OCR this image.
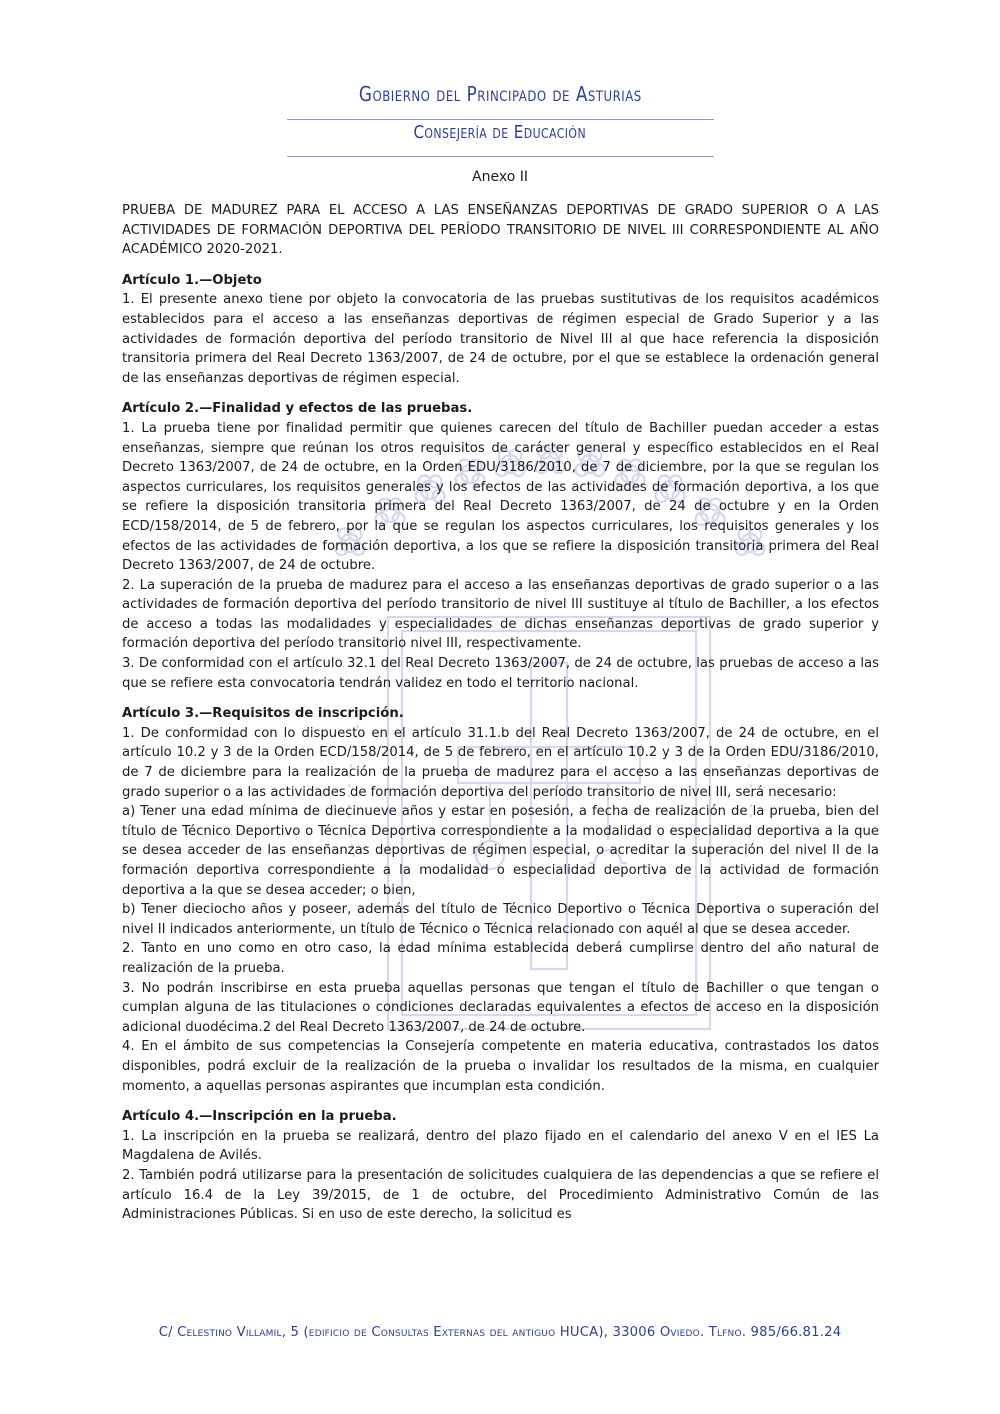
Gobierno del Principado de Asturias
Consejería de Educación
Anexo II

PRUEBA DE MADUREZ PARA EL ACCESO A LAS ENSEÑANZAS DEPORTIVAS DE GRADO SUPERIOR O A LAS ACTIVIDADES DE FORMACIÓN DEPORTIVA DEL PERÍODO TRANSITORIO DE NIVEL III CORRESPONDIENTE AL AÑO ACADÉMICO 2020-2021.

Artículo 1.—Objeto

1. El presente anexo tiene por objeto la convocatoria de las pruebas sustitutivas de los requisitos académicos establecidos para el acceso a las enseñanzas deportivas de régimen especial de Grado Superior y a las actividades de formación deportiva del período transitorio de Nivel III al que hace referencia la disposición transitoria primera del Real Decreto 1363/2007, de 24 de octubre, por el que se establece la ordenación general de las enseñanzas deportivas de régimen especial.

Artículo 2.—Finalidad y efectos de las pruebas.

1. La prueba tiene por finalidad permitir que quienes carecen del título de Bachiller puedan acceder a estas enseñanzas, siempre que reúnan los otros requisitos de carácter general y específico establecidos en el Real Decreto 1363/2007, de 24 de octubre, en la Orden EDU/3186/2010, de 7 de diciembre, por la que se regulan los aspectos curriculares, los requisitos generales y los efectos de las actividades de formación deportiva, a los que se refiere la disposición transitoria primera del Real Decreto 1363/2007, de 24 de octubre y en la Orden ECD/158/2014, de 5 de febrero, por la que se regulan los aspectos curriculares, los requisitos generales y los efectos de las actividades de formación deportiva, a los que se refiere la disposición transitoria primera del Real Decreto 1363/2007, de 24 de octubre.

2. La superación de la prueba de madurez para el acceso a las enseñanzas deportivas de grado superior o a las actividades de formación deportiva del período transitorio de nivel III sustituye al título de Bachiller, a los efectos de acceso a todas las modalidades y especialidades de dichas enseñanzas deportivas de grado superior y formación deportiva del período transitorio nivel III, respectivamente.

3. De conformidad con el artículo 32.1 del Real Decreto 1363/2007, de 24 de octubre, las pruebas de acceso a las que se refiere esta convocatoria tendrán validez en todo el territorio nacional.

Artículo 3.—Requisitos de inscripción.

1. De conformidad con lo dispuesto en el artículo 31.1.b del Real Decreto 1363/2007, de 24 de octubre, en el artículo 10.2 y 3 de la Orden ECD/158/2014, de 5 de febrero, en el artículo 10.2 y 3 de la Orden EDU/3186/2010, de 7 de diciembre para la realización de la prueba de madurez para el acceso a las enseñanzas deportivas de grado superior o a las actividades de formación deportiva del período transitorio de nivel III, será necesario:

a) Tener una edad mínima de diecinueve años y estar en posesión, a fecha de realización de la prueba, bien del título de Técnico Deportivo o Técnica Deportiva correspondiente a la modalidad o especialidad deportiva a la que se desea acceder de las enseñanzas deportivas de régimen especial, o acreditar la superación del nivel II de la formación deportiva correspondiente a la modalidad o especialidad deportiva de la actividad de formación deportiva a la que se desea acceder; o bien,

b) Tener dieciocho años y poseer, además del título de Técnico Deportivo o Técnica Deportiva o superación del nivel II indicados anteriormente, un título de Técnico o Técnica relacionado con aquél al que se desea acceder.

2. Tanto en uno como en otro caso, la edad mínima establecida deberá cumplirse dentro del año natural de realización de la prueba.

3. No podrán inscribirse en esta prueba aquellas personas que tengan el título de Bachiller o que tengan o cumplan alguna de las titulaciones o condiciones declaradas equivalentes a efectos de acceso en la disposición adicional duodécima.2 del Real Decreto 1363/2007, de 24 de octubre.

4. En el ámbito de sus competencias la Consejería competente en materia educativa, contrastados los datos disponibles, podrá excluir de la realización de la prueba o invalidar los resultados de la misma, en cualquier momento, a aquellas personas aspirantes que incumplan esta condición.

Artículo 4.—Inscripción en la prueba.

1. La inscripción en la prueba se realizará, dentro del plazo fijado en el calendario del anexo V en el IES La Magdalena de Avilés.

2. También podrá utilizarse para la presentación de solicitudes cualquiera de las dependencias a que se refiere el artículo 16.4 de la Ley 39/2015, de 1 de octubre, del Procedimiento Administrativo Común de las Administraciones Públicas. Si en uso de este derecho, la solicitud es

C/ Celestino Villamil, 5 (edificio de Consultas Externas del antiguo HUCA), 33006 Oviedo. Tlfno. 985/66.81.24
